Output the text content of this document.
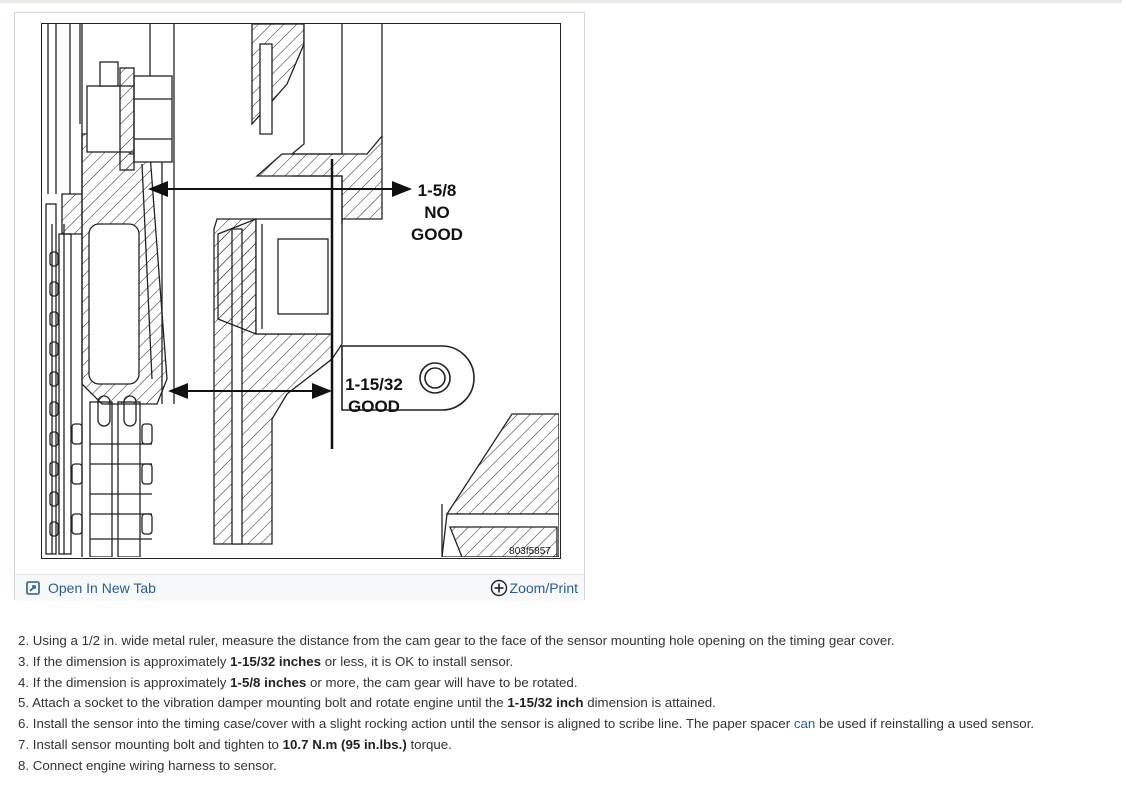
1-5/8
NO
GOOD
1-15/32
GOOD
803f5857
Open In New Tab	Zoom/Print
2. Using a 1/2 in. wide metal ruler, measure the distance from the cam gear to the face of the sensor mounting hole opening on the timing gear cover.
3. If the dimension is approximately 1-15/32 inches or less, it is OK to install sensor.
4. If the dimension is approximately 1-5/8 inches or more, the cam gear will have to be rotated.
5. Attach a socket to the vibration damper mounting bolt and rotate engine until the 1-15/32 inch dimension is attained.
6. Install the sensor into the timing case/cover with a slight rocking action until the sensor is aligned to scribe line. The paper spacer can be used if reinstalling a used sensor.
7. Install sensor mounting bolt and tighten to 10.7 N.m (95 in.lbs.) torque.
8. Connect engine wiring harness to sensor.
